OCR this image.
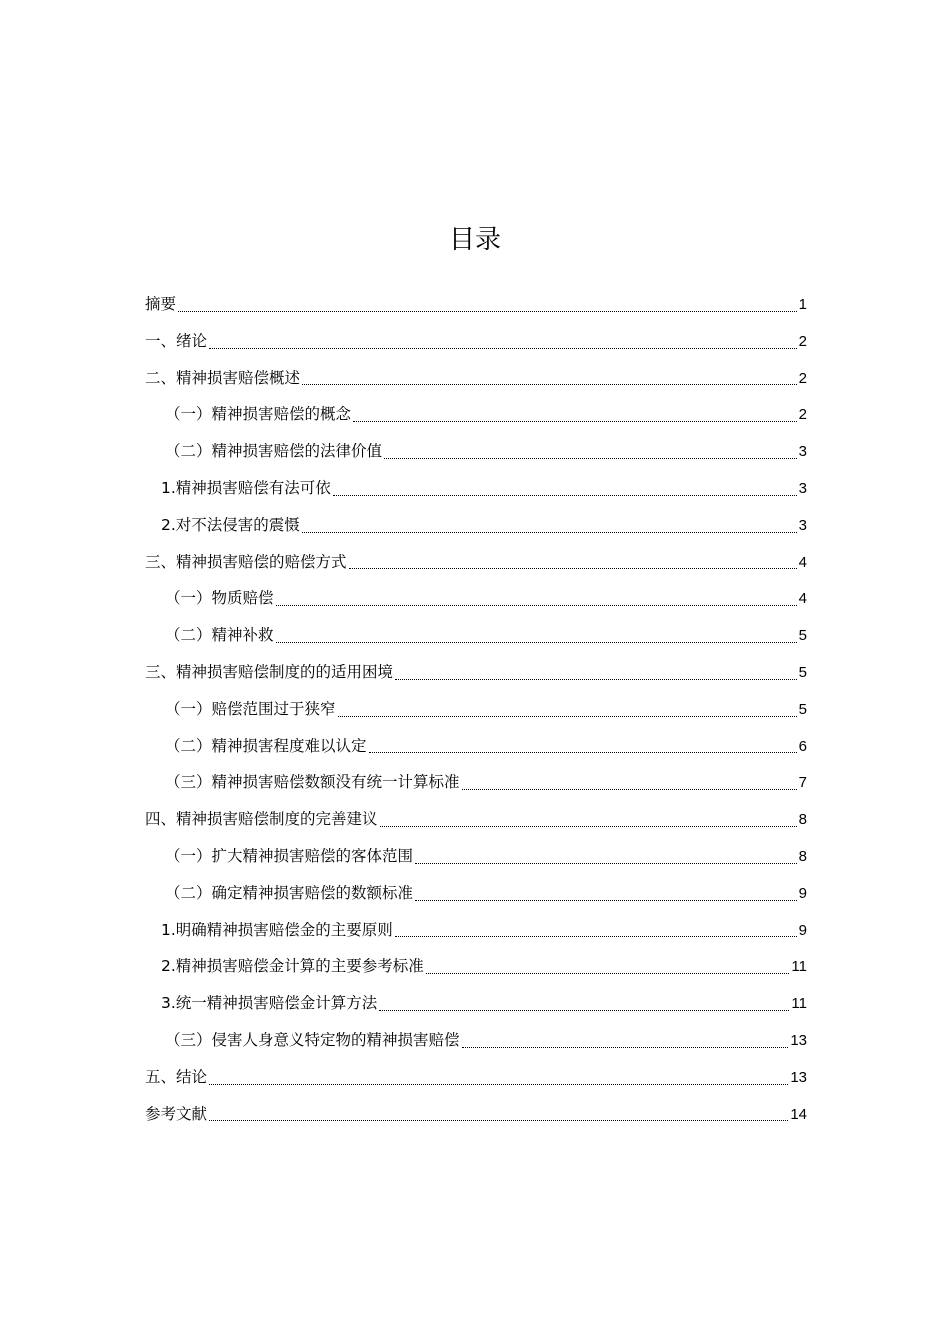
目录
摘要	1
一、绪论	2
二、精神损害赔偿概述	2
（一）精神损害赔偿的概念	2
（二）精神损害赔偿的法律价值	3
1.精神损害赔偿有法可依	3
2.对不法侵害的震慑	3
三、精神损害赔偿的赔偿方式	4
（一）物质赔偿	4
（二）精神补救	5
三、精神损害赔偿制度的的适用困境	5
（一）赔偿范围过于狭窄	5
（二）精神损害程度难以认定	6
（三）精神损害赔偿数额没有统一计算标准	7
四、精神损害赔偿制度的完善建议	8
（一）扩大精神损害赔偿的客体范围	8
（二）确定精神损害赔偿的数额标准	9
1.明确精神损害赔偿金的主要原则	9
2.精神损害赔偿金计算的主要参考标准	11
3.统一精神损害赔偿金计算方法	11
（三）侵害人身意义特定物的精神损害赔偿	13
五、结论	13
参考文献	14
